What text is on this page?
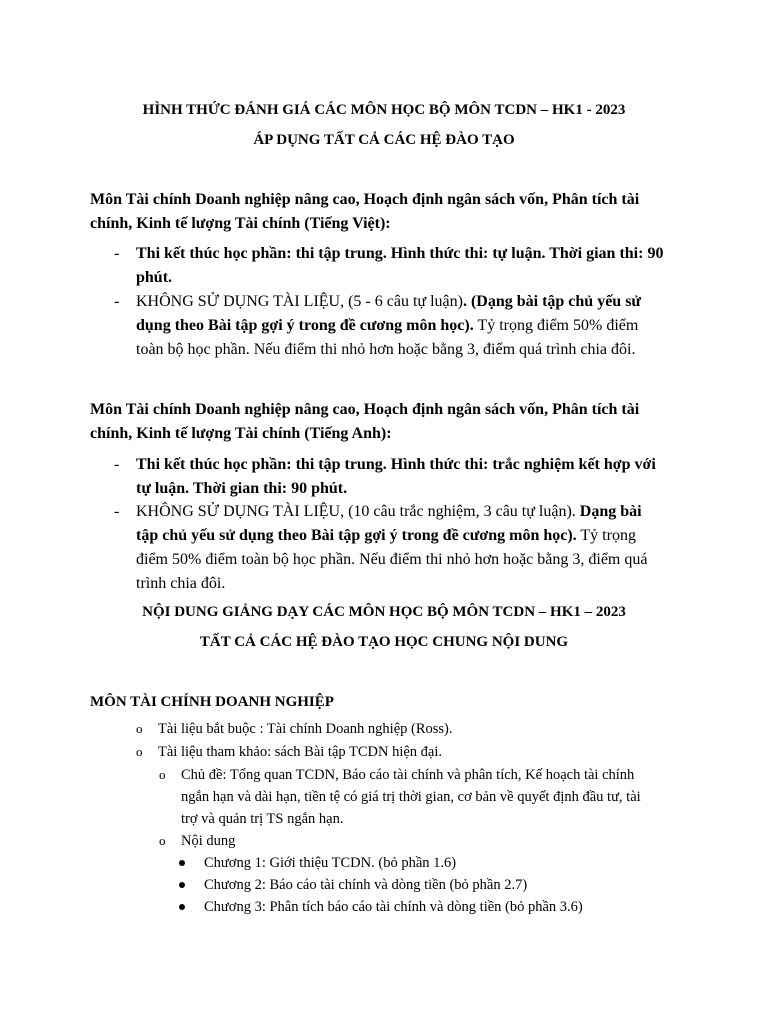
HÌNH THỨC ĐÁNH GIÁ CÁC MÔN HỌC BỘ MÔN TCDN – HK1 - 2023

ÁP DỤNG TẤT CẢ CÁC HỆ ĐÀO TẠO

Môn Tài chính Doanh nghiệp nâng cao, Hoạch định ngân sách vốn, Phân tích tài
chính, Kinh tế lượng Tài chính (Tiếng Việt):

- Thi kết thúc học phần: thi tập trung. Hình thức thi: tự luận. Thời gian thi: 90
phút.
- KHÔNG SỬ DỤNG TÀI LIỆU, (5 - 6 câu tự luận). (Dạng bài tập chủ yếu sử
dụng theo Bài tập gợi ý trong đề cương môn học). Tỷ trọng điểm 50% điểm
toàn bộ học phần. Nếu điểm thi nhỏ hơn hoặc bằng 3, điểm quá trình chia đôi.

Môn Tài chính Doanh nghiệp nâng cao, Hoạch định ngân sách vốn, Phân tích tài
chính, Kinh tế lượng Tài chính (Tiếng Anh):

- Thi kết thúc học phần: thi tập trung. Hình thức thi: trắc nghiệm kết hợp với
tự luận. Thời gian thi: 90 phút.
- KHÔNG SỬ DỤNG TÀI LIỆU, (10 câu trắc nghiệm, 3 câu tự luận). Dạng bài
tập chủ yếu sử dụng theo Bài tập gợi ý trong đề cương môn học). Tỷ trọng
điểm 50% điểm toàn bộ học phần. Nếu điểm thi nhỏ hơn hoặc bằng 3, điểm quá
trình chia đôi.

NỘI DUNG GIẢNG DẠY CÁC MÔN HỌC BỘ MÔN TCDN – HK1 – 2023

TẤT CẢ CÁC HỆ ĐÀO TẠO HỌC CHUNG NỘI DUNG

MÔN TÀI CHÍNH DOANH NGHIỆP

o Tài liệu bắt buộc : Tài chính Doanh nghiệp (Ross).
o Tài liệu tham khảo: sách Bài tập TCDN hiện đại.
o Chủ đề: Tổng quan TCDN, Báo cáo tài chính và phân tích, Kế hoạch tài chính
ngắn hạn và dài hạn, tiền tệ có giá trị thời gian, cơ bản về quyết định đầu tư, tài
trợ và quản trị TS ngắn hạn.
o Nội dung
Chương 1: Giới thiệu TCDN. (bỏ phần 1.6)
Chương 2: Báo cáo tài chính và dòng tiền (bỏ phần 2.7)
Chương 3: Phân tích báo cáo tài chính và dòng tiền (bỏ phần 3.6)
